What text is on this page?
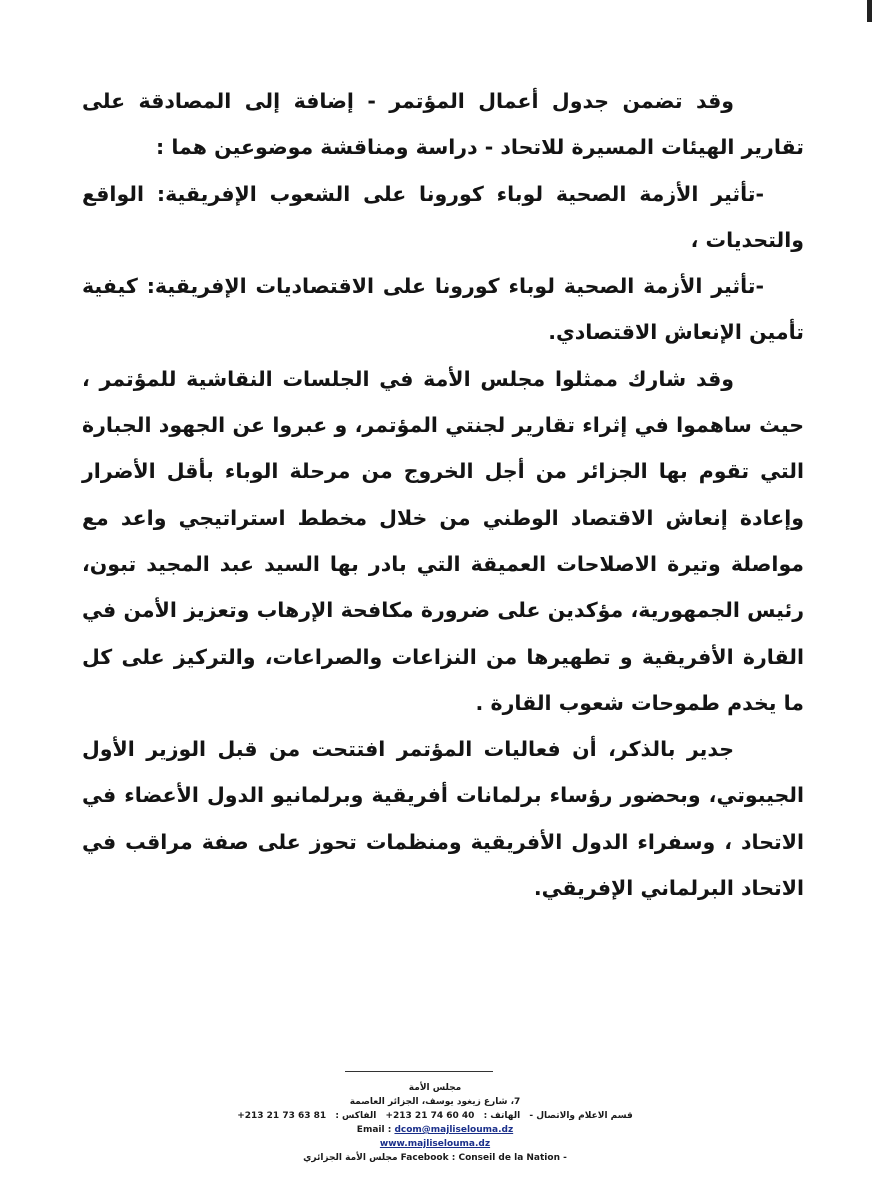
وقد تضمن جدول أعمال المؤتمر - إضافة إلى المصادقة على تقارير الهيئات المسيرة للاتحاد - دراسة ومناقشة موضوعين هما :

-تأثير الأزمة الصحية لوباء كورونا على الشعوب الإفريقية: الواقع والتحديات ،

-تأثير الأزمة الصحية لوباء كورونا على الاقتصاديات الإفريقية: كيفية تأمين الإنعاش الاقتصادي.

وقد شارك ممثلوا مجلس الأمة في الجلسات النقاشية للمؤتمر ، حيث ساهموا في إثراء تقارير لجنتي المؤتمر، و عبروا عن الجهود الجبارة التي تقوم بها الجزائر من أجل الخروج من مرحلة الوباء بأقل الأضرار وإعادة إنعاش الاقتصاد الوطني من خلال مخطط استراتيجي واعد مع مواصلة وتيرة الاصلاحات العميقة التي بادر بها السيد عبد المجيد تبون، رئيس الجمهورية، مؤكدين على ضرورة مكافحة الإرهاب وتعزيز الأمن في القارة الأفريقية و تطهيرها من النزاعات والصراعات، والتركيز على كل ما يخدم طموحات شعوب القارة .

جدير بالذكر، أن فعاليات المؤتمر افتتحت من قبل الوزير الأول الجيبوتي، وبحضور رؤساء برلمانات أفريقية وبرلمانيو الدول الأعضاء في الاتحاد ، وسفراء الدول الأفريقية ومنظمات تحوز على صفة مراقب في الاتحاد البرلماني الإفريقي.

مجلس الأمة
7، شارع زيغود يوسف، الجزائر العاصمة
قسم الاعلام والاتصال - الهاتف : +213 21 74 60 40 الفاكس : +213 21 73 63 81
Email : dcom@majliselouma.dz
www.majliselouma.dz
Facebook : Conseil de la Nation - مجلس الأمة الجزائري
